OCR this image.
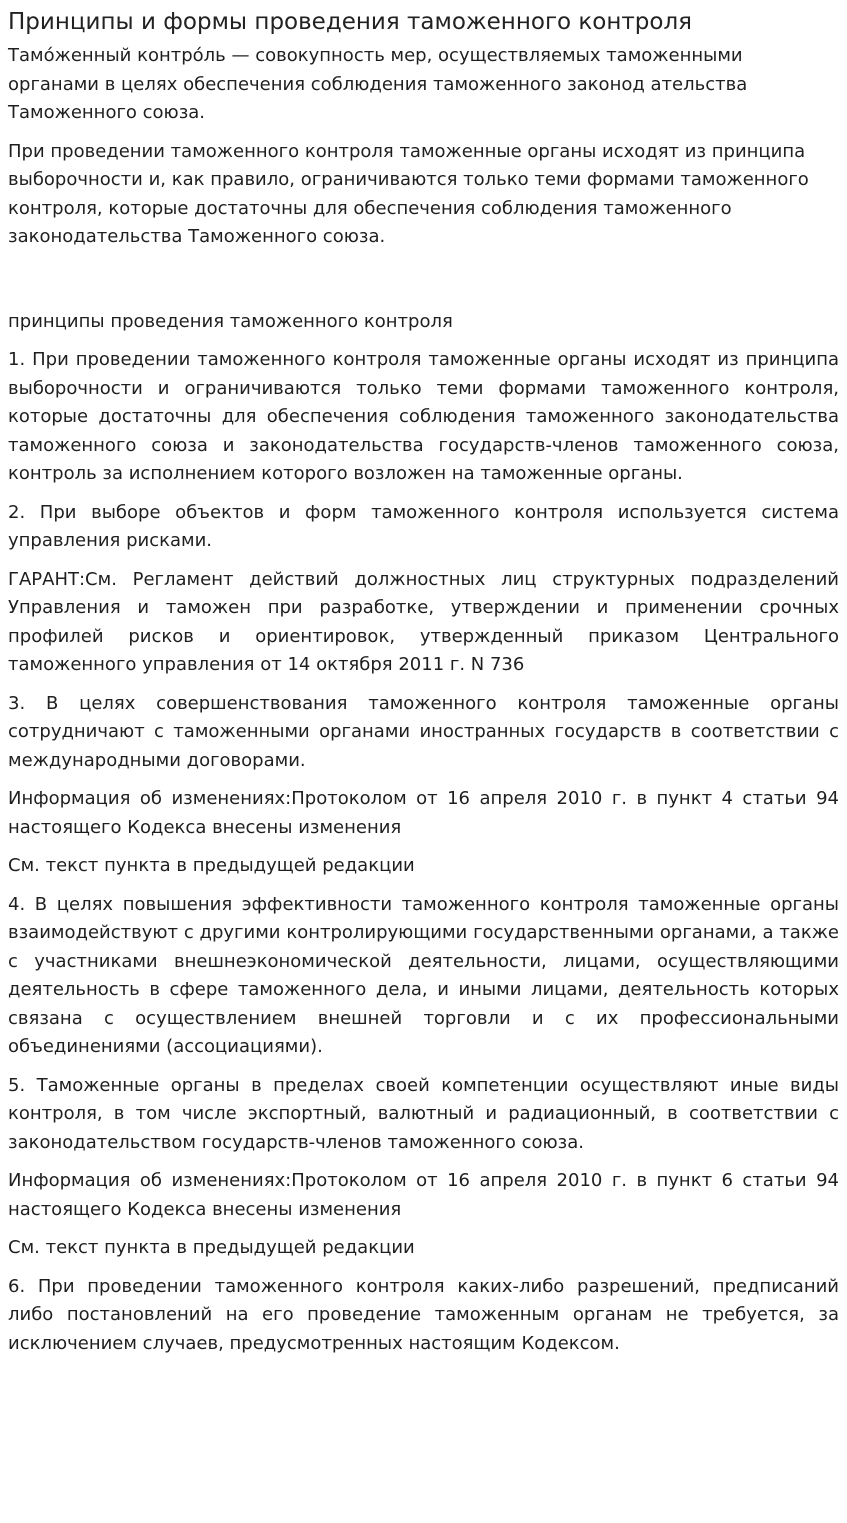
Принципы и формы проведения таможенного контроля

Тамо́женный контро́ль — совокупность мер, осуществляемых таможенными органами в целях обеспечения соблюдения таможенного законод ательства Таможенного союза.

При проведении таможенного контроля таможенные органы исходят из принципа выборочности и, как правило, ограничиваются только теми формами таможенного контроля, которые достаточны для обеспечения соблюдения таможенного законодательства Таможенного союза.

принципы проведения таможенного контроля

1. При проведении таможенного контроля таможенные органы исходят из принципа выборочности и ограничиваются только теми формами таможенного контроля, которые достаточны для обеспечения соблюдения таможенного законодательства таможенного союза и законодательства государств-членов таможенного союза, контроль за исполнением которого возложен на таможенные органы.

2. При выборе объектов и форм таможенного контроля используется система управления рисками.

ГАРАНТ:См. Регламент действий должностных лиц структурных подразделений Управления и таможен при разработке, утверждении и применении срочных профилей рисков и ориентировок, утвержденный приказом Центрального таможенного управления от 14 октября 2011 г. N 736

3. В целях совершенствования таможенного контроля таможенные органы сотрудничают с таможенными органами иностранных государств в соответствии с международными договорами.

Информация об изменениях:Протоколом от 16 апреля 2010 г. в пункт 4 статьи 94 настоящего Кодекса внесены изменения

См. текст пункта в предыдущей редакции

4. В целях повышения эффективности таможенного контроля таможенные органы взаимодействуют с другими контролирующими государственными органами, а также с участниками внешнеэкономической деятельности, лицами, осуществляющими деятельность в сфере таможенного дела, и иными лицами, деятельность которых связана с осуществлением внешней торговли и с их профессиональными объединениями (ассоциациями).

5. Таможенные органы в пределах своей компетенции осуществляют иные виды контроля, в том числе экспортный, валютный и радиационный, в соответствии с законодательством государств-членов таможенного союза.

Информация об изменениях:Протоколом от 16 апреля 2010 г. в пункт 6 статьи 94 настоящего Кодекса внесены изменения

См. текст пункта в предыдущей редакции

6. При проведении таможенного контроля каких-либо разрешений, предписаний либо постановлений на его проведение таможенным органам не требуется, за исключением случаев, предусмотренных настоящим Кодексом.
